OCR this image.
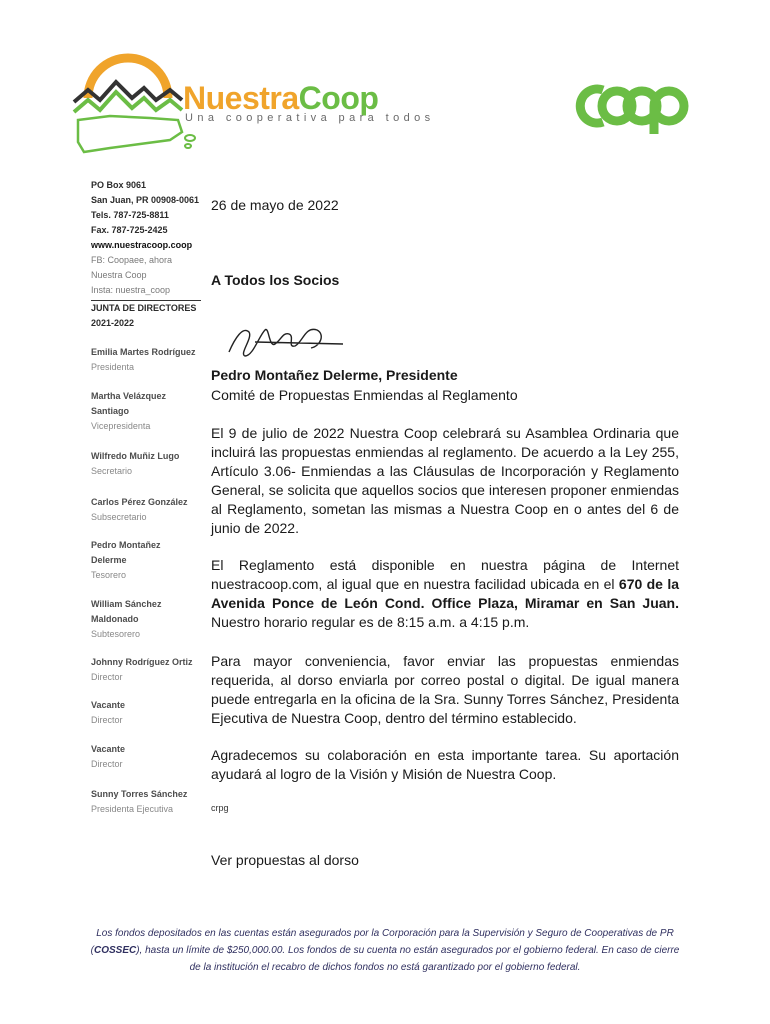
NuestraCoop
Una cooperativa para todos
coop
PO Box 9061
San Juan, PR 00908-0061
Tels. 787-725-8811
Fax. 787-725-2425
www.nuestracoop.coop
FB: Coopaee, ahora
Nuestra Coop
Insta: nuestra_coop
JUNTA DE DIRECTORES
2021-2022
Emilia Martes Rodríguez
Presidenta
Martha Velázquez Santiago
Vicepresidenta
Wilfredo Muñiz Lugo
Secretario
Carlos Pérez González
Subsecretario
Pedro Montañez Delerme
Tesorero
William Sánchez Maldonado
Subtesorero
Johnny Rodríguez Ortiz
Director
Vacante
Director
Vacante
Director
Sunny Torres Sánchez
Presidenta Ejecutiva
26 de mayo de 2022
A Todos los Socios
Pedro Montañez Delerme, Presidente
Comité de Propuestas Enmiendas al Reglamento
El 9 de julio de 2022 Nuestra Coop celebrará su Asamblea Ordinaria que incluirá las propuestas enmiendas al reglamento. De acuerdo a la Ley 255, Artículo 3.06- Enmiendas a las Cláusulas de Incorporación y Reglamento General, se solicita que aquellos socios que interesen proponer enmiendas al Reglamento, sometan las mismas a Nuestra Coop en o antes del 6 de junio de 2022.
El Reglamento está disponible en nuestra página de Internet nuestracoop.com, al igual que en nuestra facilidad ubicada en el 670 de la Avenida Ponce de León Cond. Office Plaza, Miramar en San Juan. Nuestro horario regular es de 8:15 a.m. a 4:15 p.m.
Para mayor conveniencia, favor enviar las propuestas enmiendas requerida, al dorso enviarla por correo postal o digital. De igual manera puede entregarla en la oficina de la Sra. Sunny Torres Sánchez, Presidenta Ejecutiva de Nuestra Coop, dentro del término establecido.
Agradecemos su colaboración en esta importante tarea. Su aportación ayudará al logro de la Visión y Misión de Nuestra Coop.
crpg
Ver propuestas al dorso
Los fondos depositados en las cuentas están asegurados por la Corporación para la Supervisión y Seguro de Cooperativas de PR (COSSEC), hasta un límite de $250,000.00. Los fondos de su cuenta no están asegurados por el gobierno federal. En caso de cierre de la institución el recabro de dichos fondos no está garantizado por el gobierno federal.
